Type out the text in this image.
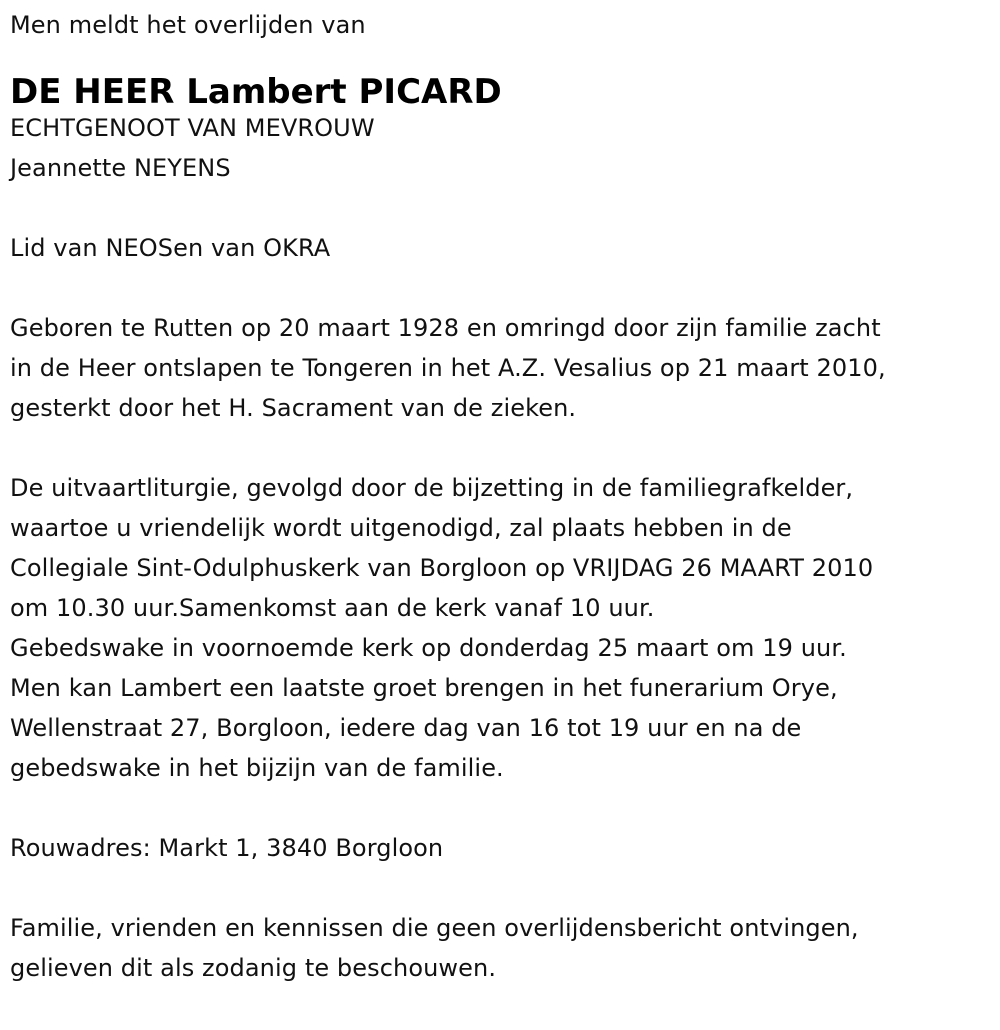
Men meldt het overlijden van
DE HEER Lambert PICARD
ECHTGENOOT VAN MEVROUW
Jeannette NEYENS
Lid van NEOSen van OKRA
Geboren te Rutten op 20 maart 1928 en omringd door zijn familie zacht
in de Heer ontslapen te Tongeren in het A.Z. Vesalius op 21 maart 2010,
gesterkt door het H. Sacrament van de zieken.
De uitvaartliturgie, gevolgd door de bijzetting in de familiegrafkelder,
waartoe u vriendelijk wordt uitgenodigd, zal plaats hebben in de
Collegiale Sint-Odulphuskerk van Borgloon op VRIJDAG 26 MAART 2010
om 10.30 uur.Samenkomst aan de kerk vanaf 10 uur.
Gebedswake in voornoemde kerk op donderdag 25 maart om 19 uur.
Men kan Lambert een laatste groet brengen in het funerarium Orye,
Wellenstraat 27, Borgloon, iedere dag van 16 tot 19 uur en na de
gebedswake in het bijzijn van de familie.
Rouwadres: Markt 1, 3840 Borgloon
Familie, vrienden en kennissen die geen overlijdensbericht ontvingen,
gelieven dit als zodanig te beschouwen.
